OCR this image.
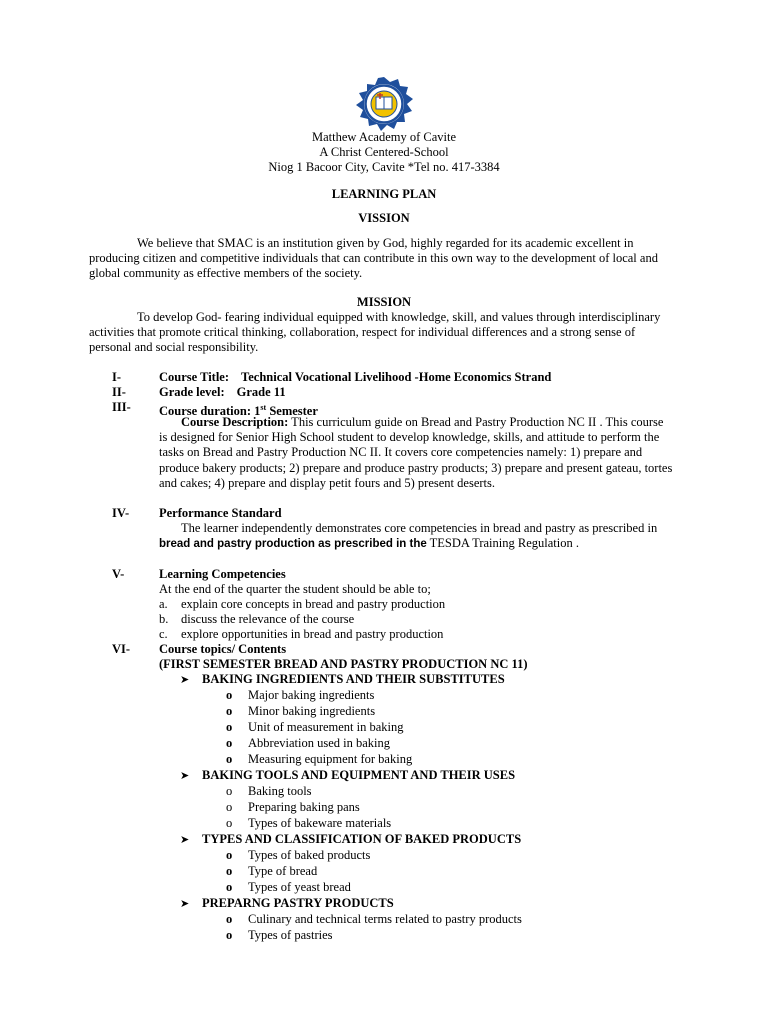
Matthew Academy of Cavite
A Christ Centered-School
Niog 1 Bacoor City, Cavite *Tel no. 417-3384
LEARNING PLAN
VISSION

We believe that SMAC is an institution given by God, highly regarded for its academic excellent in producing citizen and competitive individuals that can contribute in this own way to the development of local and global community as effective members of the society.

MISSION

To develop God- fearing individual equipped with knowledge, skill, and values through interdisciplinary activities that promote critical thinking, collaboration, respect for individual differences and a strong sense of personal and social responsibility.

I-	Course Title: Technical Vocational Livelihood -Home Economics Strand
II-	Grade level: Grade 11
III- Course duration: 1st Semester

Course Description: This curriculum guide on Bread and Pastry Production NC II . This course is designed for Senior High School student to develop knowledge, skills, and attitude to perform the tasks on Bread and Pastry Production NC II. It covers core competencies namely: 1) prepare and produce bakery products; 2) prepare and produce pastry products; 3) prepare and present gateau, tortes and cakes; 4) prepare and display petit fours and 5) present deserts.

IV- Performance Standard

The learner independently demonstrates core competencies in bread and pastry as prescribed in bread and pastry production as prescribed in the TESDA Training Regulation .

V-	Learning Competencies
At the end of the quarter the student should be able to;
a. explain core concepts in bread and pastry production
b. discuss the relevance of the course
c. explore opportunities in bread and pastry production
VI- Course topics/ Contents
(FIRST SEMESTER BREAD AND PASTRY PRODUCTION NC 11)
➤ BAKING INGREDIENTS AND THEIR SUBSTITUTES
o Major baking ingredients
o Minor baking ingredients
o Unit of measurement in baking
o Abbreviation used in baking
o Measuring equipment for baking
➤ BAKING TOOLS AND EQUIPMENT AND THEIR USES
o Baking tools
o Preparing baking pans
o Types of bakeware materials
➤ TYPES AND CLASSIFICATION OF BAKED PRODUCTS
o Types of baked products
o Type of bread
o Types of yeast bread
➤ PREPARNG PASTRY PRODUCTS
o Culinary and technical terms related to pastry products
o Types of pastries
